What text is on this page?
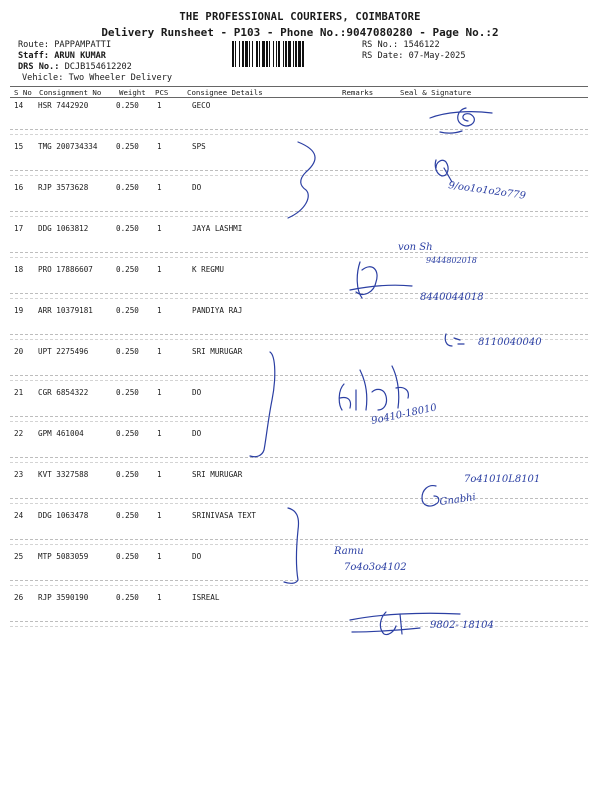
THE PROFESSIONAL COURIERS, COIMBATORE
Delivery Runsheet - P103 - Phone No.:9047080280 - Page No.:2
Route: PAPPAMPATTI
Staff: ARUN KUMAR
DRS No.: DCJB154612202
Vehicle: Two Wheeler Delivery
RS No.: 1546122
RS Date: 07-May-2025
S No Consignment No Weight PCS	Consignee Details	Remarks	Seal & Signature
14 HSR 7442920	0.250 1	GECO
15 TMG 200734334 0.250 1	SPS
16 RJP 3573628	0.250 1	DO
17 DDG 1063812	0.250 1	JAYA LASHMI
18 PRO 17886607	0.250 1	K REGMU
19 ARR 10379181	0.250 1	PANDIYA RAJ
20 UPT 2275496	0.250 1	SRI MURUGAR
21 CGR 6854322	0.250 1	DO
22 GPM 461004	0.250 1	DO
23 KVT 3327588	0.250 1	SRI MURUGAR
24 DDG 1063478	0.250 1	SRINIVASA TEXT
25 MTP 5083059	0.250 1	DO
26 RJP 3590190	0.250 1	ISREAL
9/oo1o1o2o779
von Sh
9444802018
8440044018
8110040040
9o410-18010
7o41010L8101
Gnabhi
Ramu
7o4o3o4102
9802- 18104
